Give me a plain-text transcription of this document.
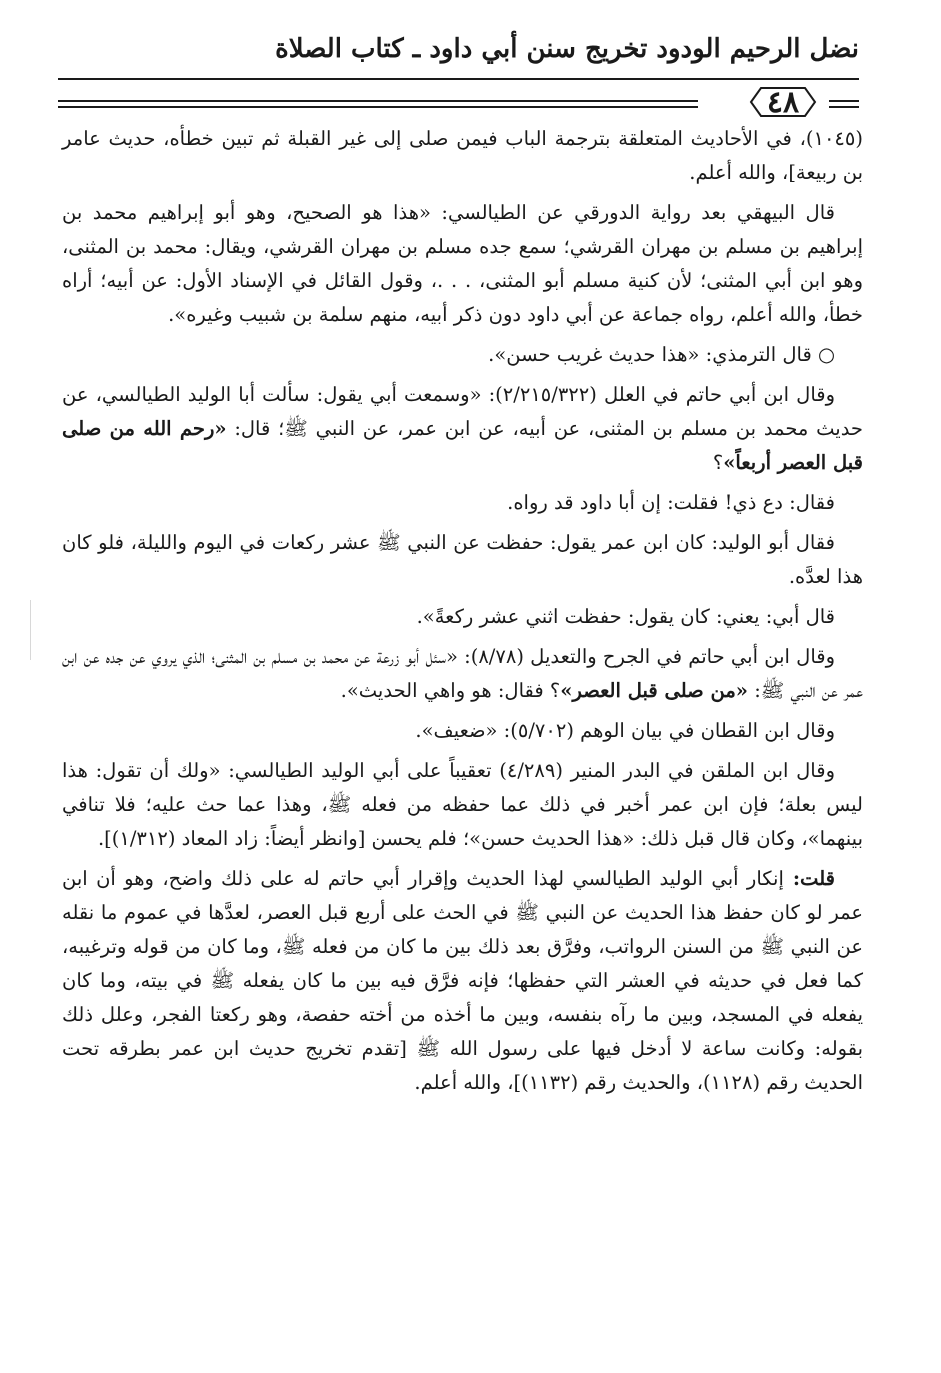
نضل الرحيم الودود تخريج سنن أبي داود ـ كتاب الصلاة
٤٨

(١٠٤٥)، في الأحاديث المتعلقة بترجمة الباب فيمن صلى إلى غير القبلة ثم تبين خطأه، حديث عامر بن ربيعة]، والله أعلم.

قال البيهقي بعد رواية الدورقي عن الطيالسي: «هذا هو الصحيح، وهو أبو إبراهيم محمد بن إبراهيم بن مسلم بن مهران القرشي؛ سمع جده مسلم بن مهران القرشي، ويقال: محمد بن المثنى، وهو ابن أبي المثنى؛ لأن كنية مسلم أبو المثنى، . . .، وقول القائل في الإسناد الأول: عن أبيه؛ أراه خطأ، والله أعلم، رواه جماعة عن أبي داود دون ذكر أبيه، منهم سلمة بن شبيب وغيره».

○ قال الترمذي: «هذا حديث غريب حسن».

وقال ابن أبي حاتم في العلل (٢/٢١٥/٣٢٢): «وسمعت أبي يقول: سألت أبا الوليد الطيالسي، عن حديث محمد بن مسلم بن المثنى، عن أبيه، عن ابن عمر، عن النبي ﷺ؛ قال: «رحم الله من صلى قبل العصر أربعاً»؟

فقال: دع ذي! فقلت: إن أبا داود قد رواه.

فقال أبو الوليد: كان ابن عمر يقول: حفظت عن النبي ﷺ عشر ركعات في اليوم والليلة، فلو كان هذا لعدَّه.

قال أبي: يعني: كان يقول: حفظت اثني عشر ركعةً».

وقال ابن أبي حاتم في الجرح والتعديل (٨/٧٨): «سئل أبو زرعة عن محمد بن مسلم بن المثنى؛ الذي يروي عن جده عن ابن عمر عن النبي ﷺ: «من صلى قبل العصر»؟ فقال: هو واهي الحديث».

وقال ابن القطان في بيان الوهم (٥/٧٠٢): «ضعيف».

وقال ابن الملقن في البدر المنير (٤/٢٨٩) تعقيباً على أبي الوليد الطيالسي: «ولك أن تقول: هذا ليس بعلة؛ فإن ابن عمر أخبر في ذلك عما حفظه من فعله ﷺ، وهذا عما حث عليه؛ فلا تنافي بينهما»، وكان قال قبل ذلك: «هذا الحديث حسن»؛ فلم يحسن [وانظر أيضاً: زاد المعاد (١/٣١٢)].

قلت: إنكار أبي الوليد الطيالسي لهذا الحديث وإقرار أبي حاتم له على ذلك واضح، وهو أن ابن عمر لو كان حفظ هذا الحديث عن النبي ﷺ في الحث على أربع قبل العصر، لعدَّها في عموم ما نقله عن النبي ﷺ من السنن الرواتب، وفرَّق بعد ذلك بين ما كان من فعله ﷺ، وما كان من قوله وترغيبه، كما فعل في حديثه في العشر التي حفظها؛ فإنه فرَّق فيه بين ما كان يفعله ﷺ في بيته، وما كان يفعله في المسجد، وبين ما رآه بنفسه، وبين ما أخذه من أخته حفصة، وهو ركعتا الفجر، وعلل ذلك بقوله: وكانت ساعة لا أدخل فيها على رسول الله ﷺ [تقدم تخريج حديث ابن عمر بطرقه تحت الحديث رقم (١١٢٨)، والحديث رقم (١١٣٢)]، والله أعلم.
